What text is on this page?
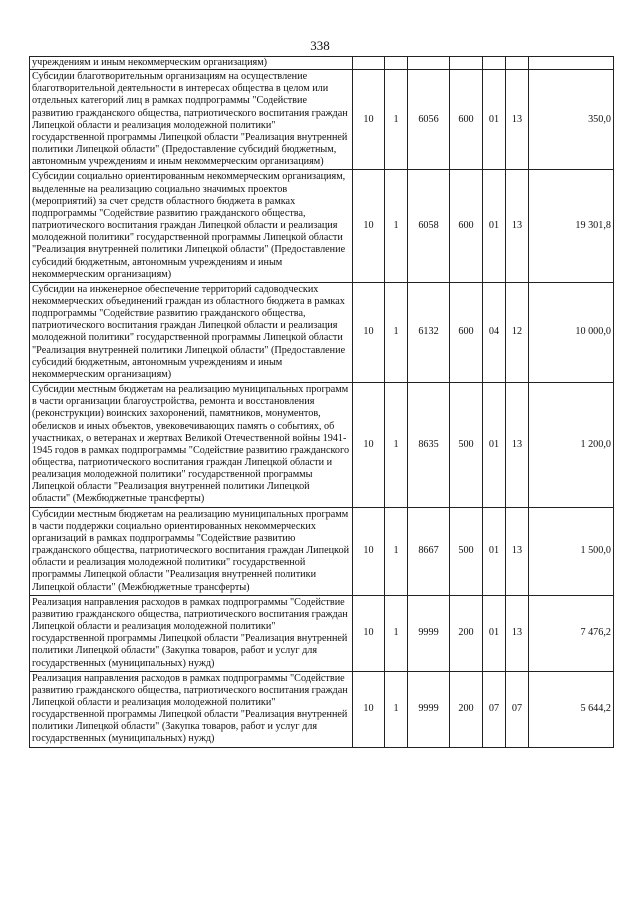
338
учреждениям и иным некоммерческим организациям)							
Субсидии благотворительным организациям на осуществление благотворительной деятельности в интересах общества в целом или отдельных категорий лиц в рамках подпрограммы "Содействие развитию гражданского общества, патриотического воспитания граждан Липецкой области и реализация молодежной политики" государственной программы Липецкой области "Реализация внутренней политики Липецкой области" (Предоставление субсидий бюджетным, автономным учреждениям и иным некоммерческим организациям)	10	1	6056	600	01	13	350,0
Субсидии социально ориентированным некоммерческим организациям, выделенные на реализацию социально значимых проектов (мероприятий) за счет средств областного бюджета в рамках подпрограммы "Содействие развитию гражданского общества, патриотического воспитания граждан Липецкой области и реализация молодежной политики" государственной программы Липецкой области "Реализация внутренней политики Липецкой области" (Предоставление субсидий бюджетным, автономным учреждениям и иным некоммерческим организациям)	10	1	6058	600	01	13	19 301,8
Субсидии на инженерное обеспечение территорий садоводческих некоммерческих объединений граждан из областного бюджета в рамках подпрограммы "Содействие развитию гражданского общества, патриотического воспитания граждан Липецкой области и реализация молодежной политики" государственной программы Липецкой области "Реализация внутренней политики Липецкой области" (Предоставление субсидий бюджетным, автономным учреждениям и иным некоммерческим организациям)	10	1	6132	600	04	12	10 000,0
Субсидии местным бюджетам на реализацию муниципальных программ в части организации благоустройства, ремонта и восстановления (реконструкции) воинских захоронений, памятников, монументов, обелисков и иных объектов, увековечивающих память о событиях, об участниках, о ветеранах и жертвах Великой Отечественной войны 1941-1945 годов в рамках подпрограммы "Содействие развитию гражданского общества, патриотического воспитания граждан Липецкой области и реализация молодежной политики" государственной программы Липецкой области "Реализация внутренней политики Липецкой области" (Межбюджетные трансферты)	10	1	8635	500	01	13	1 200,0
Субсидии местным бюджетам на реализацию муниципальных программ в части поддержки социально ориентированных некоммерческих организаций в рамках подпрограммы "Содействие развитию гражданского общества, патриотического воспитания граждан Липецкой области и реализация молодежной политики" государственной программы Липецкой области "Реализация внутренней политики Липецкой области" (Межбюджетные трансферты)	10	1	8667	500	01	13	1 500,0
Реализация направления расходов в рамках подпрограммы "Содействие развитию гражданского общества, патриотического воспитания граждан Липецкой области и реализация молодежной политики" государственной программы Липецкой области "Реализация внутренней политики Липецкой области" (Закупка товаров, работ и услуг для государственных (муниципальных) нужд)	10	1	9999	200	01	13	7 476,2
Реализация направления расходов в рамках подпрограммы "Содействие развитию гражданского общества, патриотического воспитания граждан Липецкой области и реализация молодежной политики" государственной программы Липецкой области "Реализация внутренней политики Липецкой области" (Закупка товаров, работ и услуг для государственных (муниципальных) нужд)	10	1	9999	200	07	07	5 644,2
